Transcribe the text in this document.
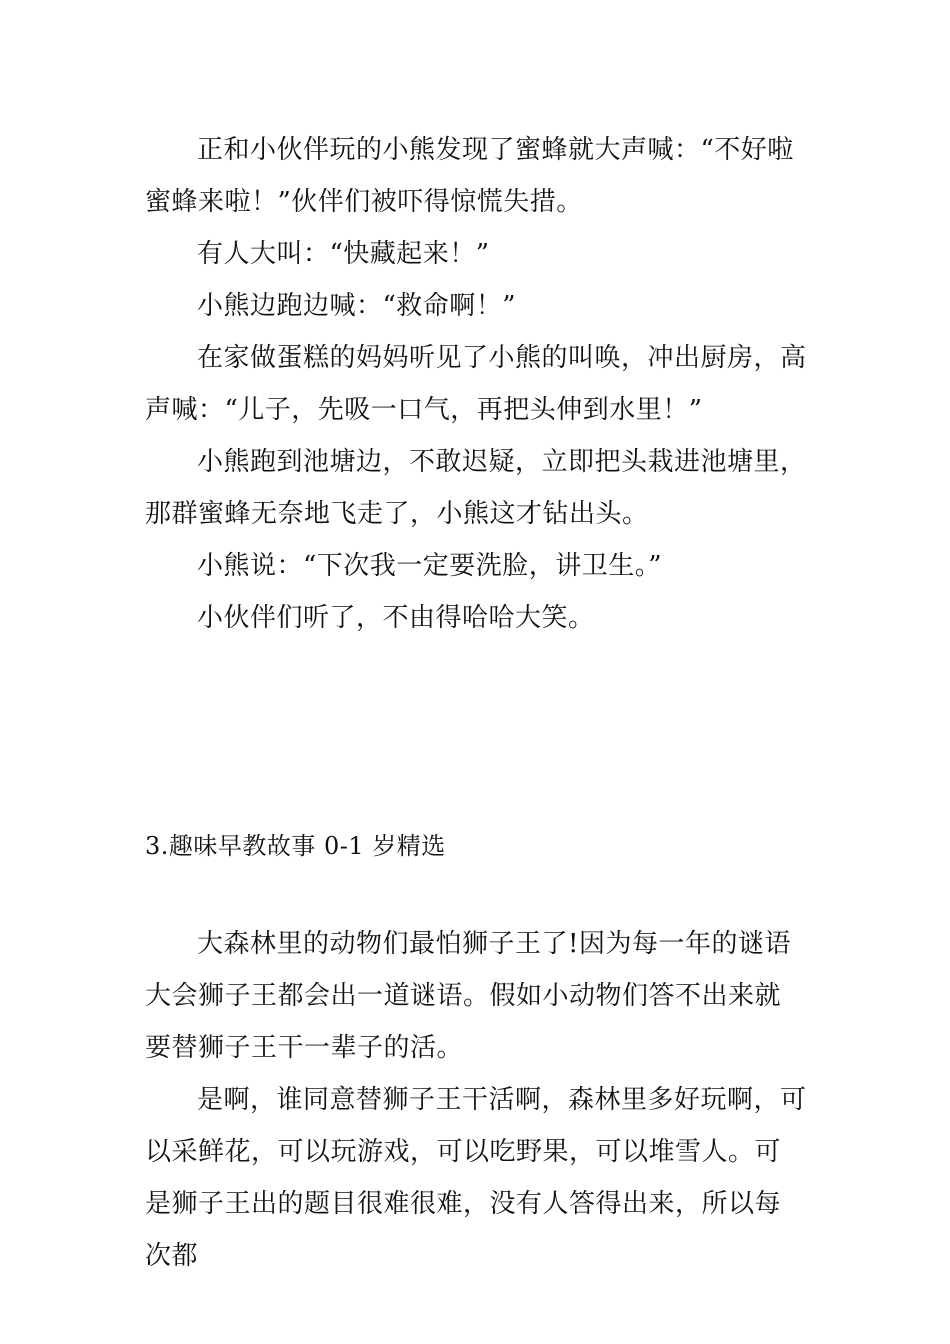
正和小伙伴玩的小熊发现了蜜蜂就大声喊：“不好啦蜜蜂来啦！”伙伴们被吓得惊慌失措。

有人大叫：“快藏起来！”

小熊边跑边喊：“救命啊！”

在家做蛋糕的妈妈听见了小熊的叫唤，冲出厨房，高声喊：“儿子，先吸一口气，再把头伸到水里！”

小熊跑到池塘边，不敢迟疑，立即把头栽进池塘里，那群蜜蜂无奈地飞走了，小熊这才钻出头。

小熊说：“下次我一定要洗脸，讲卫生。”

小伙伴们听了，不由得哈哈大笑。

3.趣味早教故事 0-1 岁精选

大森林里的动物们最怕狮子王了!因为每一年的谜语大会狮子王都会出一道谜语。假如小动物们答不出来就要替狮子王干一辈子的活。

是啊，谁同意替狮子王干活啊，森林里多好玩啊，可以采鲜花，可以玩游戏，可以吃野果，可以堆雪人。可是狮子王出的题目很难很难，没有人答得出来，所以每次都
